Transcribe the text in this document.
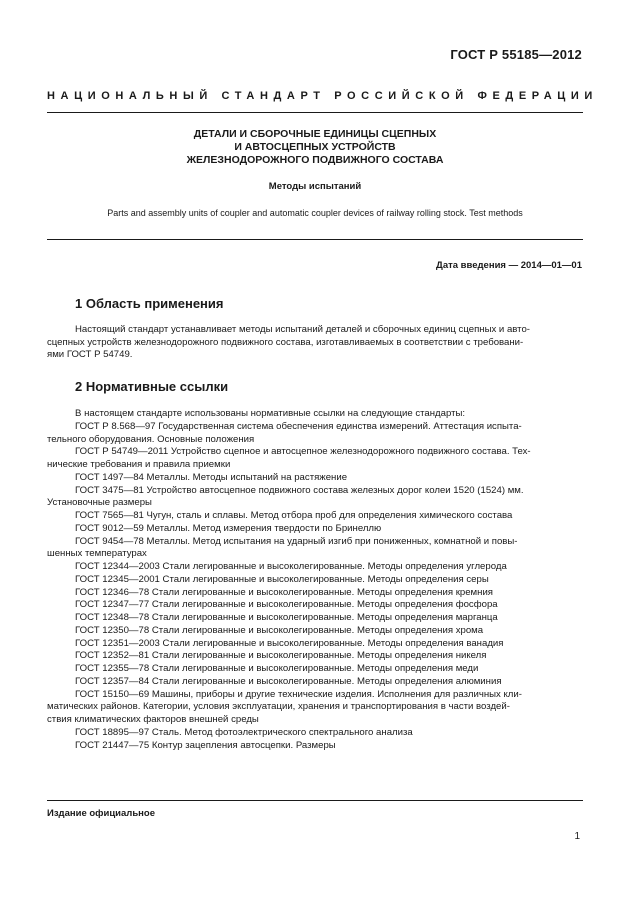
ГОСТ Р 55185—2012
НАЦИОНАЛЬНЫЙ СТАНДАРТ РОССИЙСКОЙ ФЕДЕРАЦИИ
ДЕТАЛИ И СБОРОЧНЫЕ ЕДИНИЦЫ СЦЕПНЫХ
И АВТОСЦЕПНЫХ УСТРОЙСТВ
ЖЕЛЕЗНОДОРОЖНОГО ПОДВИЖНОГО СОСТАВА
Методы испытаний
Parts and assembly units of coupler and automatic coupler devices of railway rolling stock. Test methods
Дата введения — 2014—01—01
1 Область применения
Настоящий стандарт устанавливает методы испытаний деталей и сборочных единиц сцепных и авто-
сцепных устройств железнодорожного подвижного состава, изготавливаемых в соответствии с требовани-
ями ГОСТ Р 54749.
2 Нормативные ссылки
В настоящем стандарте использованы нормативные ссылки на следующие стандарты:
ГОСТ Р 8.568—97 Государственная система обеспечения единства измерений. Аттестация испыта-
тельного оборудования. Основные положения
ГОСТ Р 54749—2011 Устройство сцепное и автосцепное железнодорожного подвижного состава. Тех-
нические требования и правила приемки
ГОСТ 1497—84 Металлы. Методы испытаний на растяжение
ГОСТ 3475—81 Устройство автосцепное подвижного состава железных дорог колеи 1520 (1524) мм.
Установочные размеры
ГОСТ 7565—81 Чугун, сталь и сплавы. Метод отбора проб для определения химического состава
ГОСТ 9012—59 Металлы. Метод измерения твердости по Бринеллю
ГОСТ 9454—78 Металлы. Метод испытания на ударный изгиб при пониженных, комнатной и повы-
шенных температурах
ГОСТ 12344—2003 Стали легированные и высоколегированные. Методы определения углерода
ГОСТ 12345—2001 Стали легированные и высоколегированные. Методы определения серы
ГОСТ 12346—78 Стали легированные и высоколегированные. Методы определения кремния
ГОСТ 12347—77 Стали легированные и высоколегированные. Методы определения фосфора
ГОСТ 12348—78 Стали легированные и высоколегированные. Методы определения марганца
ГОСТ 12350—78 Стали легированные и высоколегированные. Методы определения хрома
ГОСТ 12351—2003 Стали легированные и высоколегированные. Методы определения ванадия
ГОСТ 12352—81 Стали легированные и высоколегированные. Методы определения никеля
ГОСТ 12355—78 Стали легированные и высоколегированные. Методы определения меди
ГОСТ 12357—84 Стали легированные и высоколегированные. Методы определения алюминия
ГОСТ 15150—69 Машины, приборы и другие технические изделия. Исполнения для различных кли-
матических районов. Категории, условия эксплуатации, хранения и транспортирования в части воздей-
ствия климатических факторов внешней среды
ГОСТ 18895—97 Сталь. Метод фотоэлектрического спектрального анализа
ГОСТ 21447—75 Контур зацепления автосцепки. Размеры
Издание официальное
1
